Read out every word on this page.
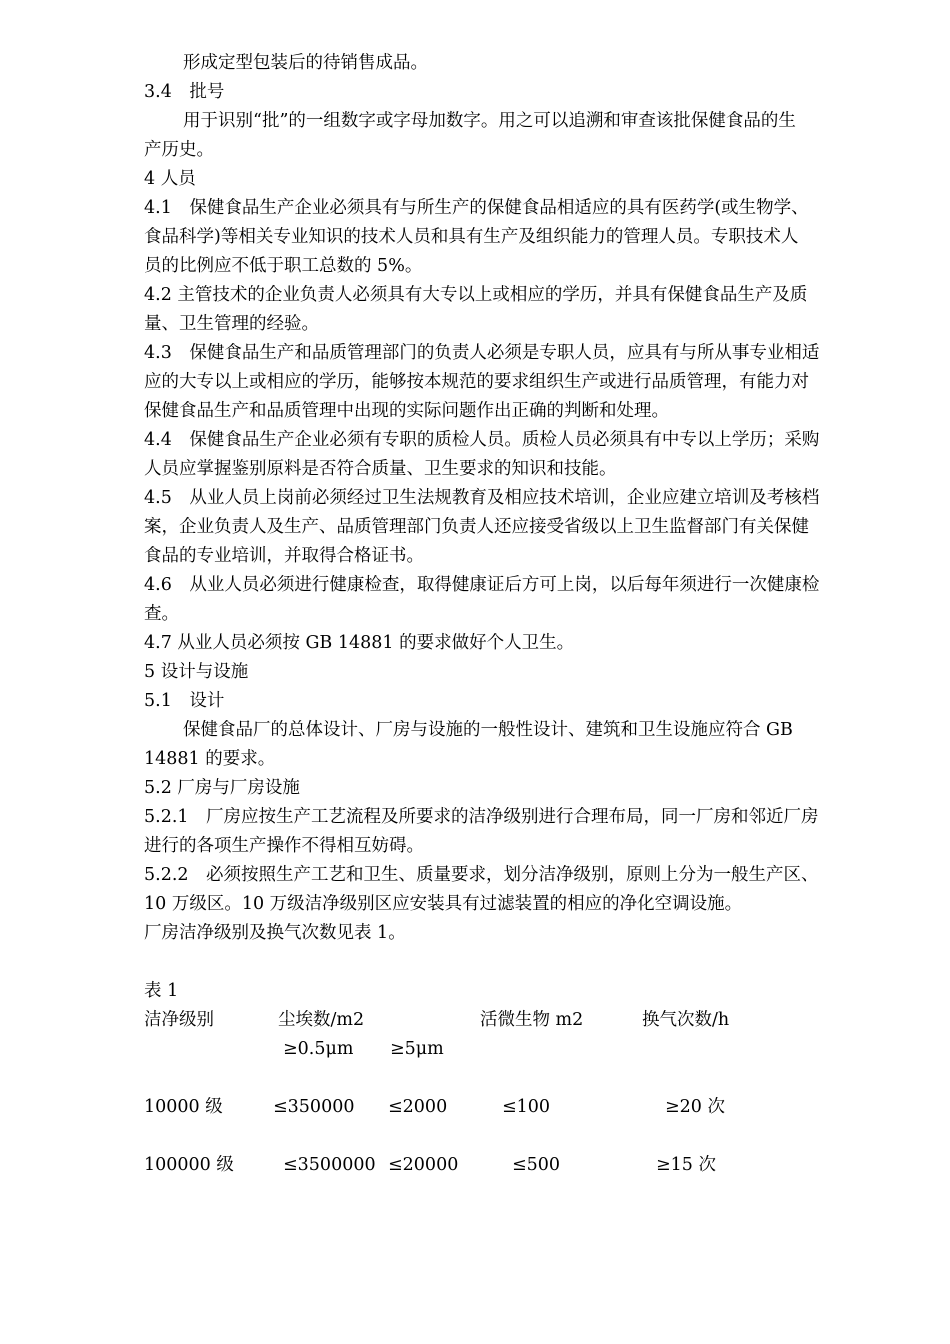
形成定型包装后的待销售成品。
3.4　批号
用于识别“批”的一组数字或字母加数字。用之可以追溯和审查该批保健食品的生
产历史。
4 人员
4.1　保健食品生产企业必须具有与所生产的保健食品相适应的具有医药学(或生物学、
食品科学)等相关专业知识的技术人员和具有生产及组织能力的管理人员。专职技术人
员的比例应不低于职工总数的 5%。
4.2 主管技术的企业负责人必须具有大专以上或相应的学历，并具有保健食品生产及质
量、卫生管理的经验。
4.3　保健食品生产和品质管理部门的负责人必须是专职人员，应具有与所从事专业相适
应的大专以上或相应的学历，能够按本规范的要求组织生产或进行品质管理，有能力对
保健食品生产和品质管理中出现的实际问题作出正确的判断和处理。
4.4　保健食品生产企业必须有专职的质检人员。质检人员必须具有中专以上学历；采购
人员应掌握鉴别原料是否符合质量、卫生要求的知识和技能。
4.5　从业人员上岗前必须经过卫生法规教育及相应技术培训，企业应建立培训及考核档
案，企业负责人及生产、品质管理部门负责人还应接受省级以上卫生监督部门有关保健
食品的专业培训，并取得合格证书。
4.6　从业人员必须进行健康检查，取得健康证后方可上岗，以后每年须进行一次健康检
查。
4.7 从业人员必须按 GB 14881 的要求做好个人卫生。
5 设计与设施
5.1　设计
保健食品厂的总体设计、厂房与设施的一般性设计、建筑和卫生设施应符合 GB
14881 的要求。
5.2 厂房与厂房设施
5.2.1　厂房应按生产工艺流程及所要求的洁净级别进行合理布局，同一厂房和邻近厂房
进行的各项生产操作不得相互妨碍。
5.2.2　必须按照生产工艺和卫生、质量要求，划分洁净级别，原则上分为一般生产区、
10 万级区。10 万级洁净级别区应安装具有过滤装置的相应的净化空调设施。
厂房洁净级别及换气次数见表 1。
表 1
洁净级别	尘埃数/m2	活微生物 m2	换气次数/h
≥0.5μm ≥5μm
10000 级	≤350000 ≤2000	≤100	≥20 次
100000 级	≤3500000 ≤20000	≤500	≥15 次
